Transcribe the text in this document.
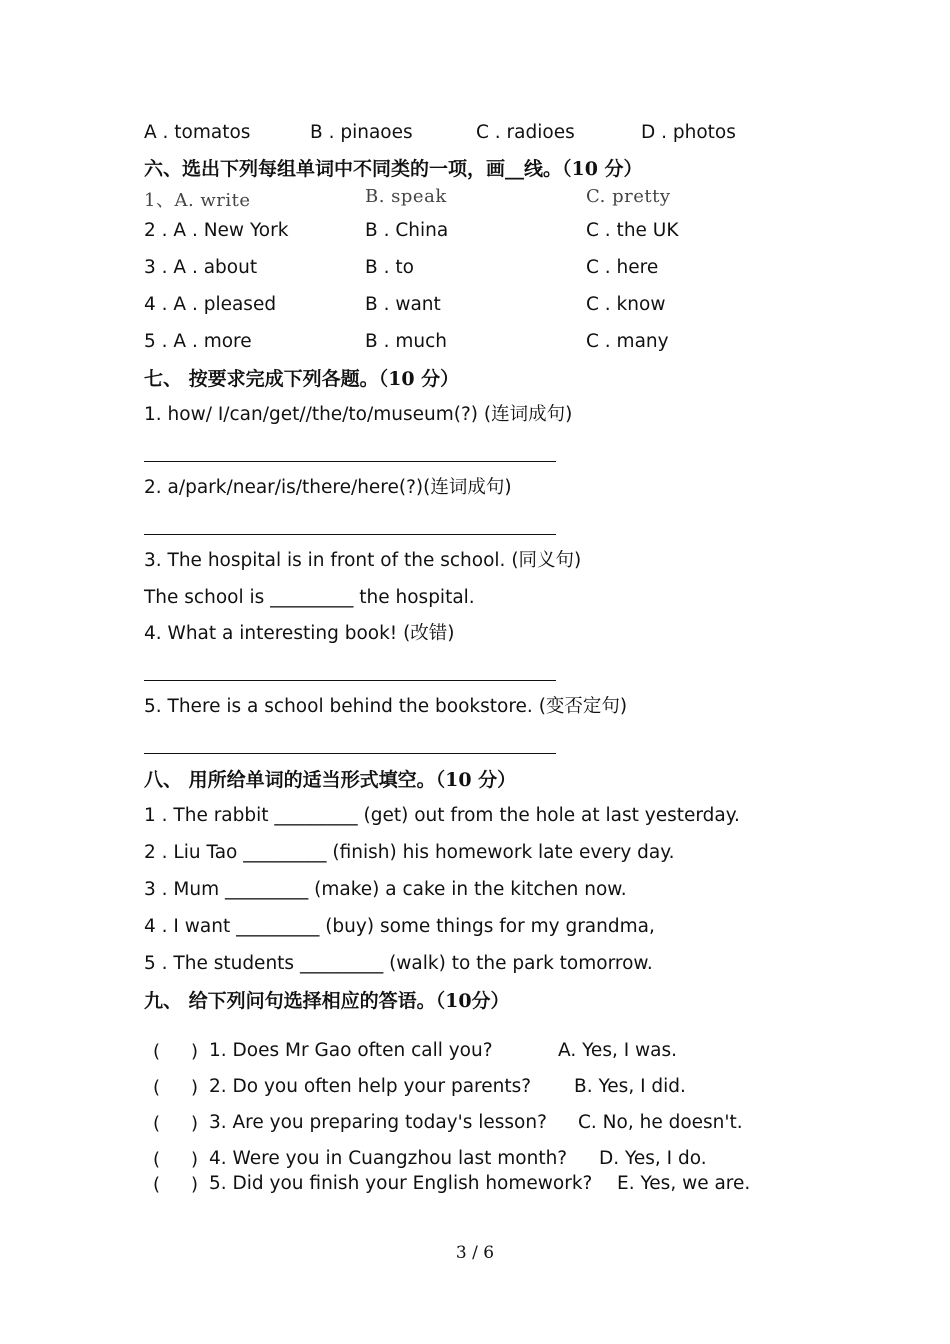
A . tomatos	B . pinaoes	C . radioes	D . photos
六、选出下列每组单词中不同类的一项，画__线。（10 分）
1、A. write	B. speak	C. pretty
2 . A . New York	B . China	C . the UK
3 . A . about	B . to	C . here
4 . A . pleased	B . want	C . know
5 . A . more	B . much	C . many
七、 按要求完成下列各题。（10 分）
1. how/ I/can/get//the/to/museum(?) (连词成句)
2. a/park/near/is/there/here(?)(连词成句)
3. The hospital is in front of the school. (同义句)
The school is _________ the hospital.
4. What a interesting book! (改错)
5. There is a school behind the bookstore. (变否定句)
八、 用所给单词的适当形式填空。（10 分）
1 . The rabbit _________ (get) out from the hole at last yesterday.
2 . Liu Tao _________ (finish) his homework late every day.
3 . Mum _________ (make) a cake in the kitchen now.
4 . I want _________ (buy) some things for my grandma,
5 . The students _________ (walk) to the park tomorrow.
九、 给下列问句选择相应的答语。（10分）
( ) 1. Does Mr Gao often call you?	A. Yes, I was.
( ) 2. Do you often help your parents? B. Yes, I did.
( ) 3. Are you preparing today's lesson? C. No, he doesn't.
( ) 4. Were you in Cuangzhou last month? D. Yes, I do.
( ) 5. Did you finish your English homework? E. Yes, we are.
3 / 6
